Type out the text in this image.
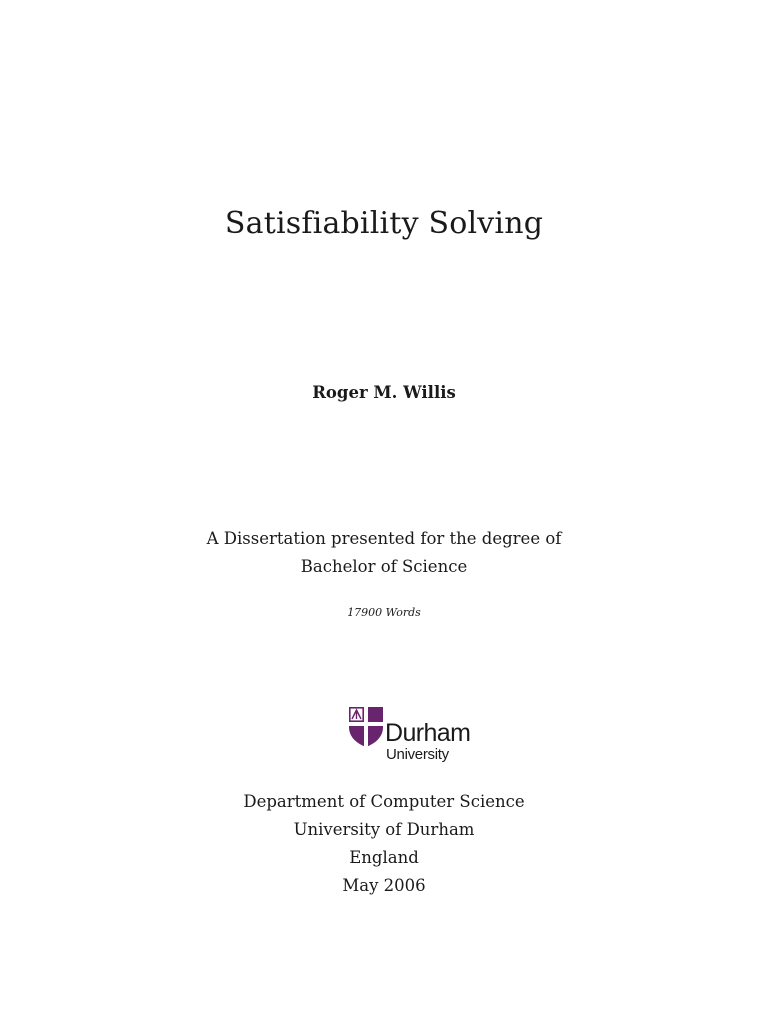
Satisfiability Solving

Roger M. Willis

A Dissertation presented for the degree of

Bachelor of Science

17900 Words

Durham
University

Department of Computer Science

University of Durham

England

May 2006
